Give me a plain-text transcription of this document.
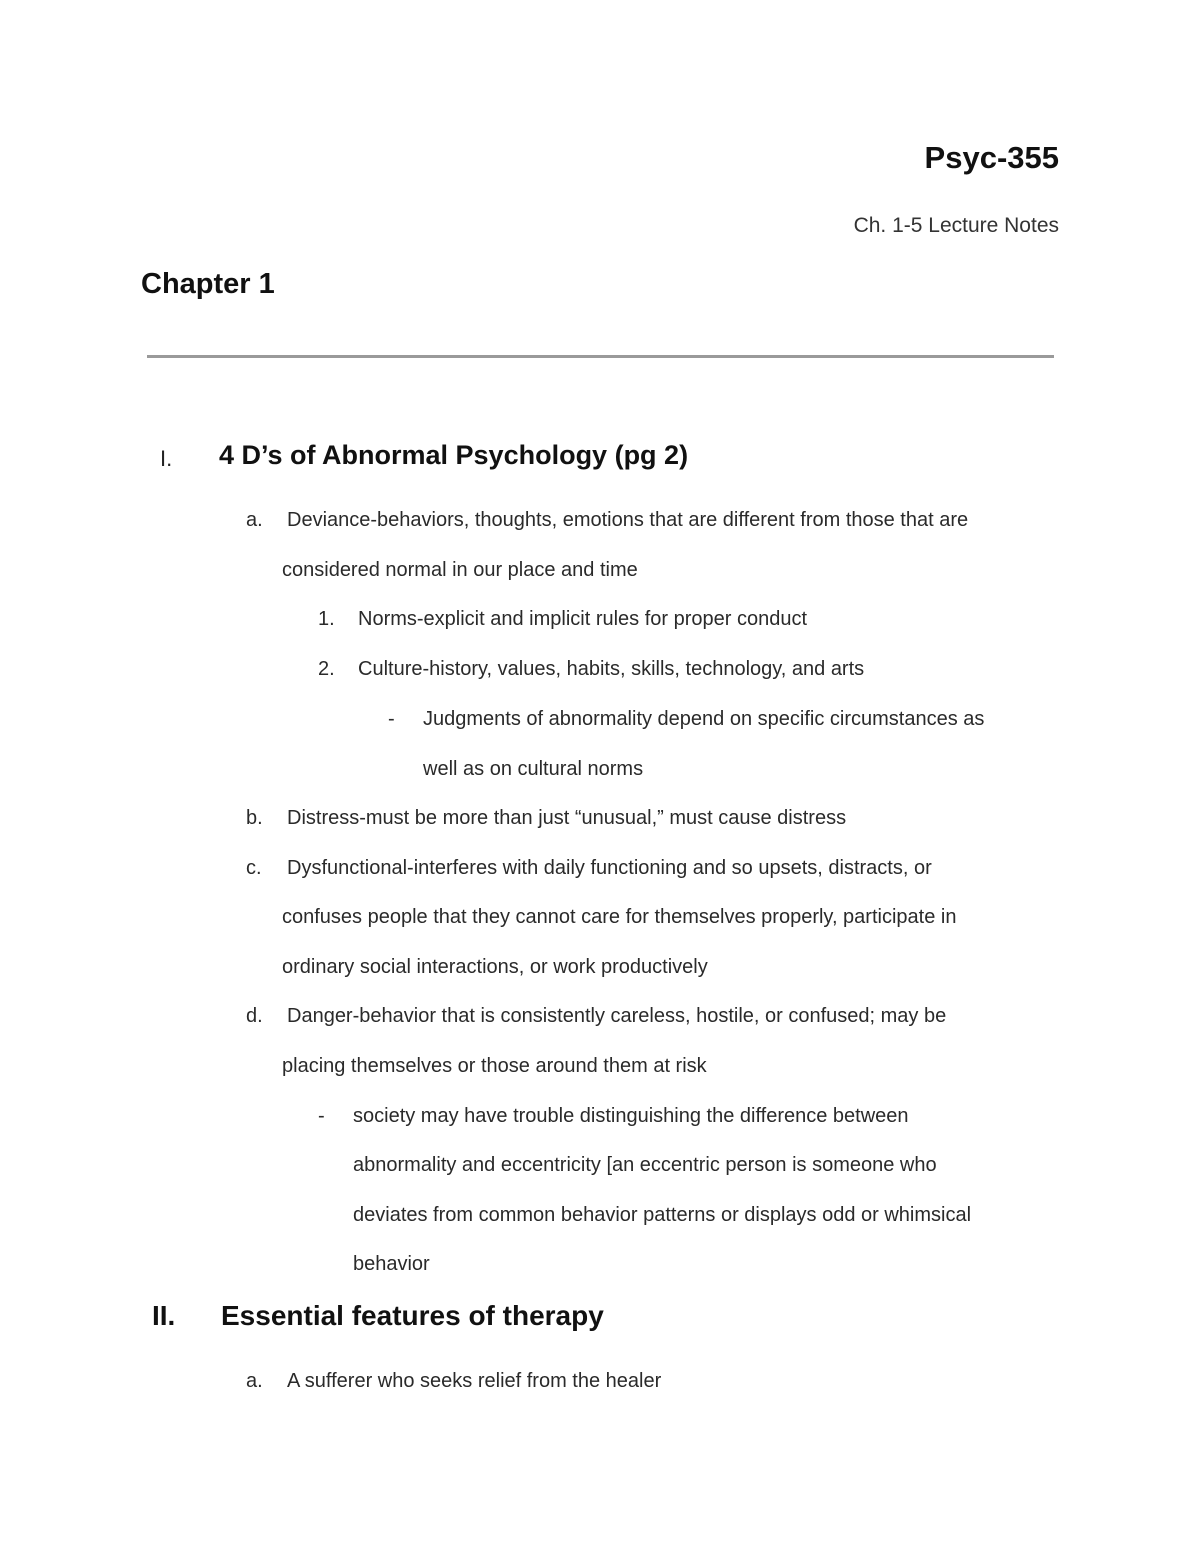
Psyc-355
Ch. 1-5 Lecture Notes
Chapter 1
I. 4 D’s of Abnormal Psychology (pg 2)
a. Deviance-behaviors, thoughts, emotions that are different from those that are
considered normal in our place and time
1. Norms-explicit and implicit rules for proper conduct
2. Culture-history, values, habits, skills, technology, and arts
- Judgments of abnormality depend on specific circumstances as
well as on cultural norms
b. Distress-must be more than just “unusual,” must cause distress
c. Dysfunctional-interferes with daily functioning and so upsets, distracts, or
confuses people that they cannot care for themselves properly, participate in
ordinary social interactions, or work productively
d. Danger-behavior that is consistently careless, hostile, or confused; may be
placing themselves or those around them at risk
- society may have trouble distinguishing the difference between
abnormality and eccentricity [an eccentric person is someone who
deviates from common behavior patterns or displays odd or whimsical
behavior
II. Essential features of therapy
a. A sufferer who seeks relief from the healer
